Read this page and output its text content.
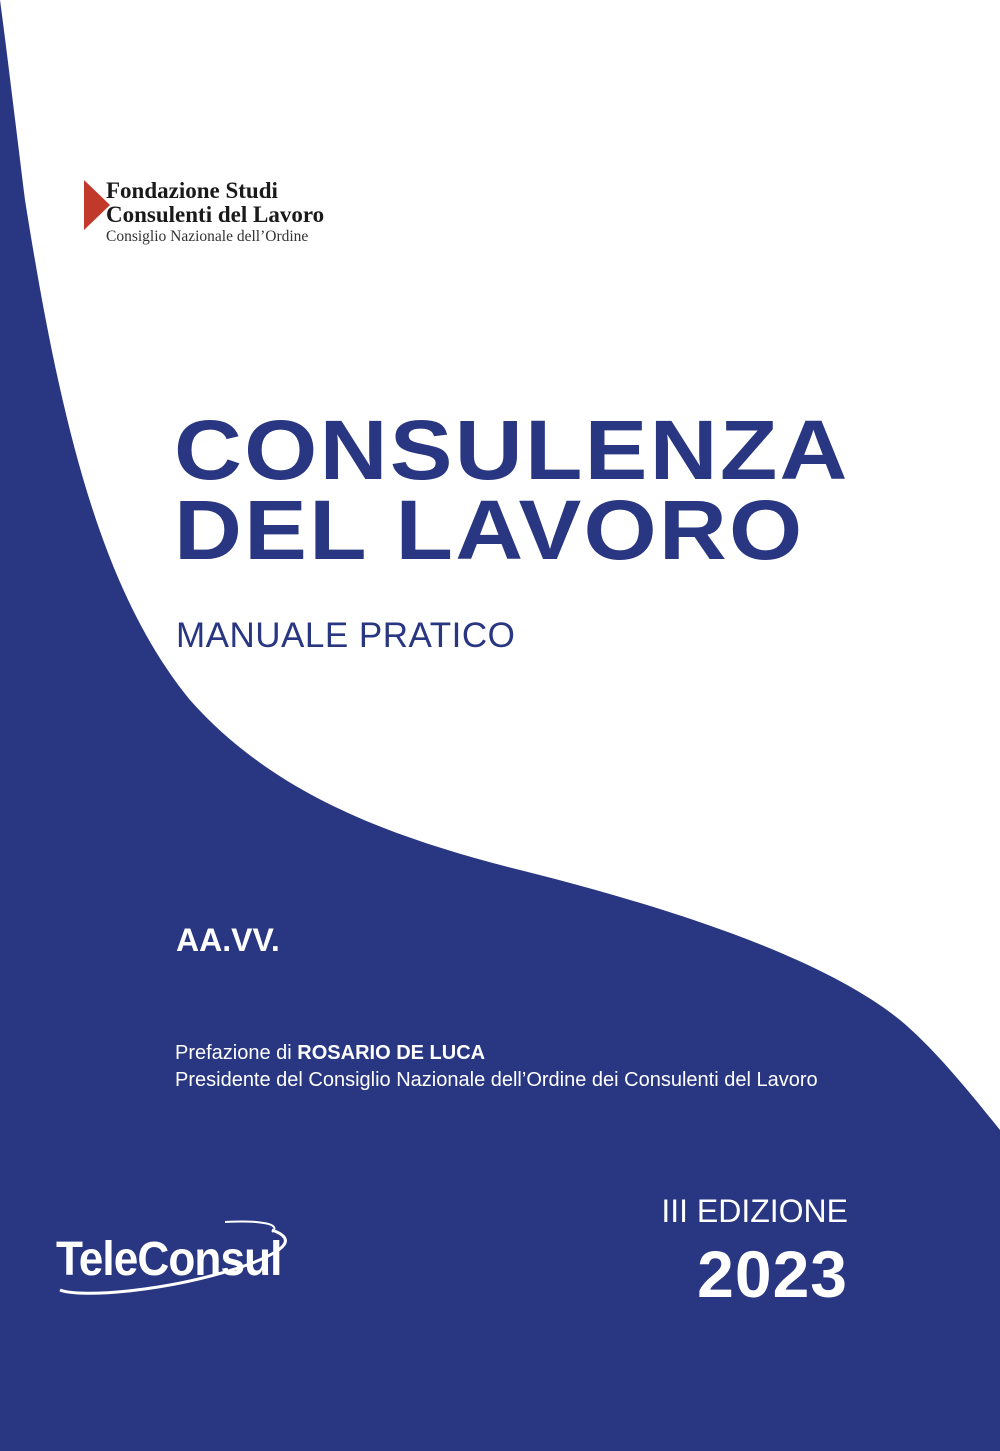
Fondazione Studi
Consulenti del Lavoro
Consiglio Nazionale dell’Ordine
CONSULENZA
DEL LAVORO
MANUALE PRATICO
AA.VV.
Prefazione di ROSARIO DE LUCA
Presidente del Consiglio Nazionale dell’Ordine dei Consulenti del Lavoro
TeleConsul
III EDIZIONE
2023
